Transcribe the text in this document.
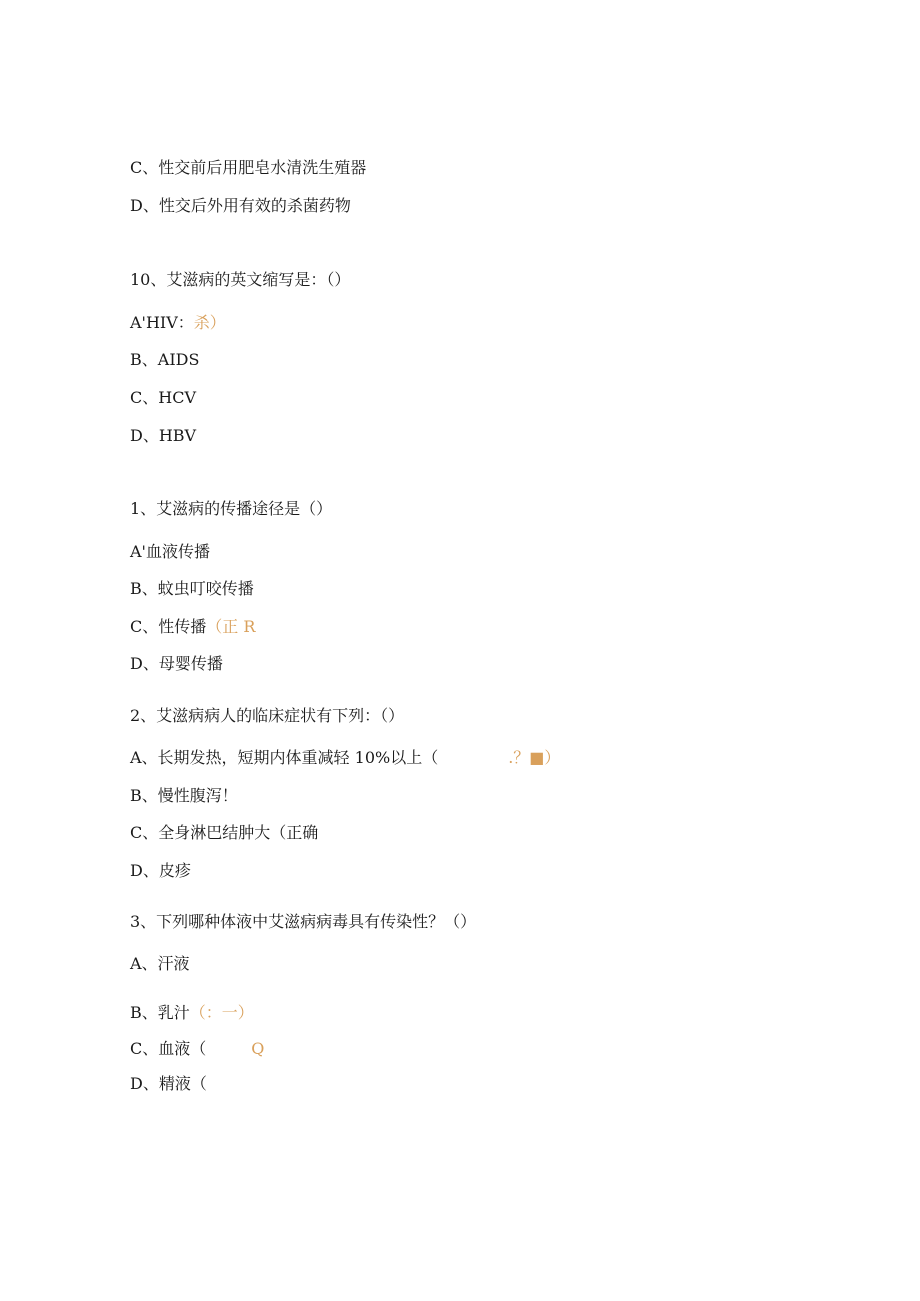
C、性交前后用肥皂水清洗生殖器
D、性交后外用有效的杀菌药物
10、艾滋病的英文缩写是：（）
A'HIV：杀）
B、AIDS
C、HCV
D、HBV
1、艾滋病的传播途径是（）
A'血液传播
B、蚊虫叮咬传播
C、性传播（正 R
D、母婴传播
2、艾滋病病人的临床症状有下列：（）
A、长期发热，短期内体重减轻 10%以上（	.？■）
B、慢性腹泻！
C、全身淋巴结肿大（正确
D、皮疹
3、下列哪种体液中艾滋病病毒具有传染性？（）
A、汗液
B、乳汁（：一）
C、血液（	Q
D、精液（
